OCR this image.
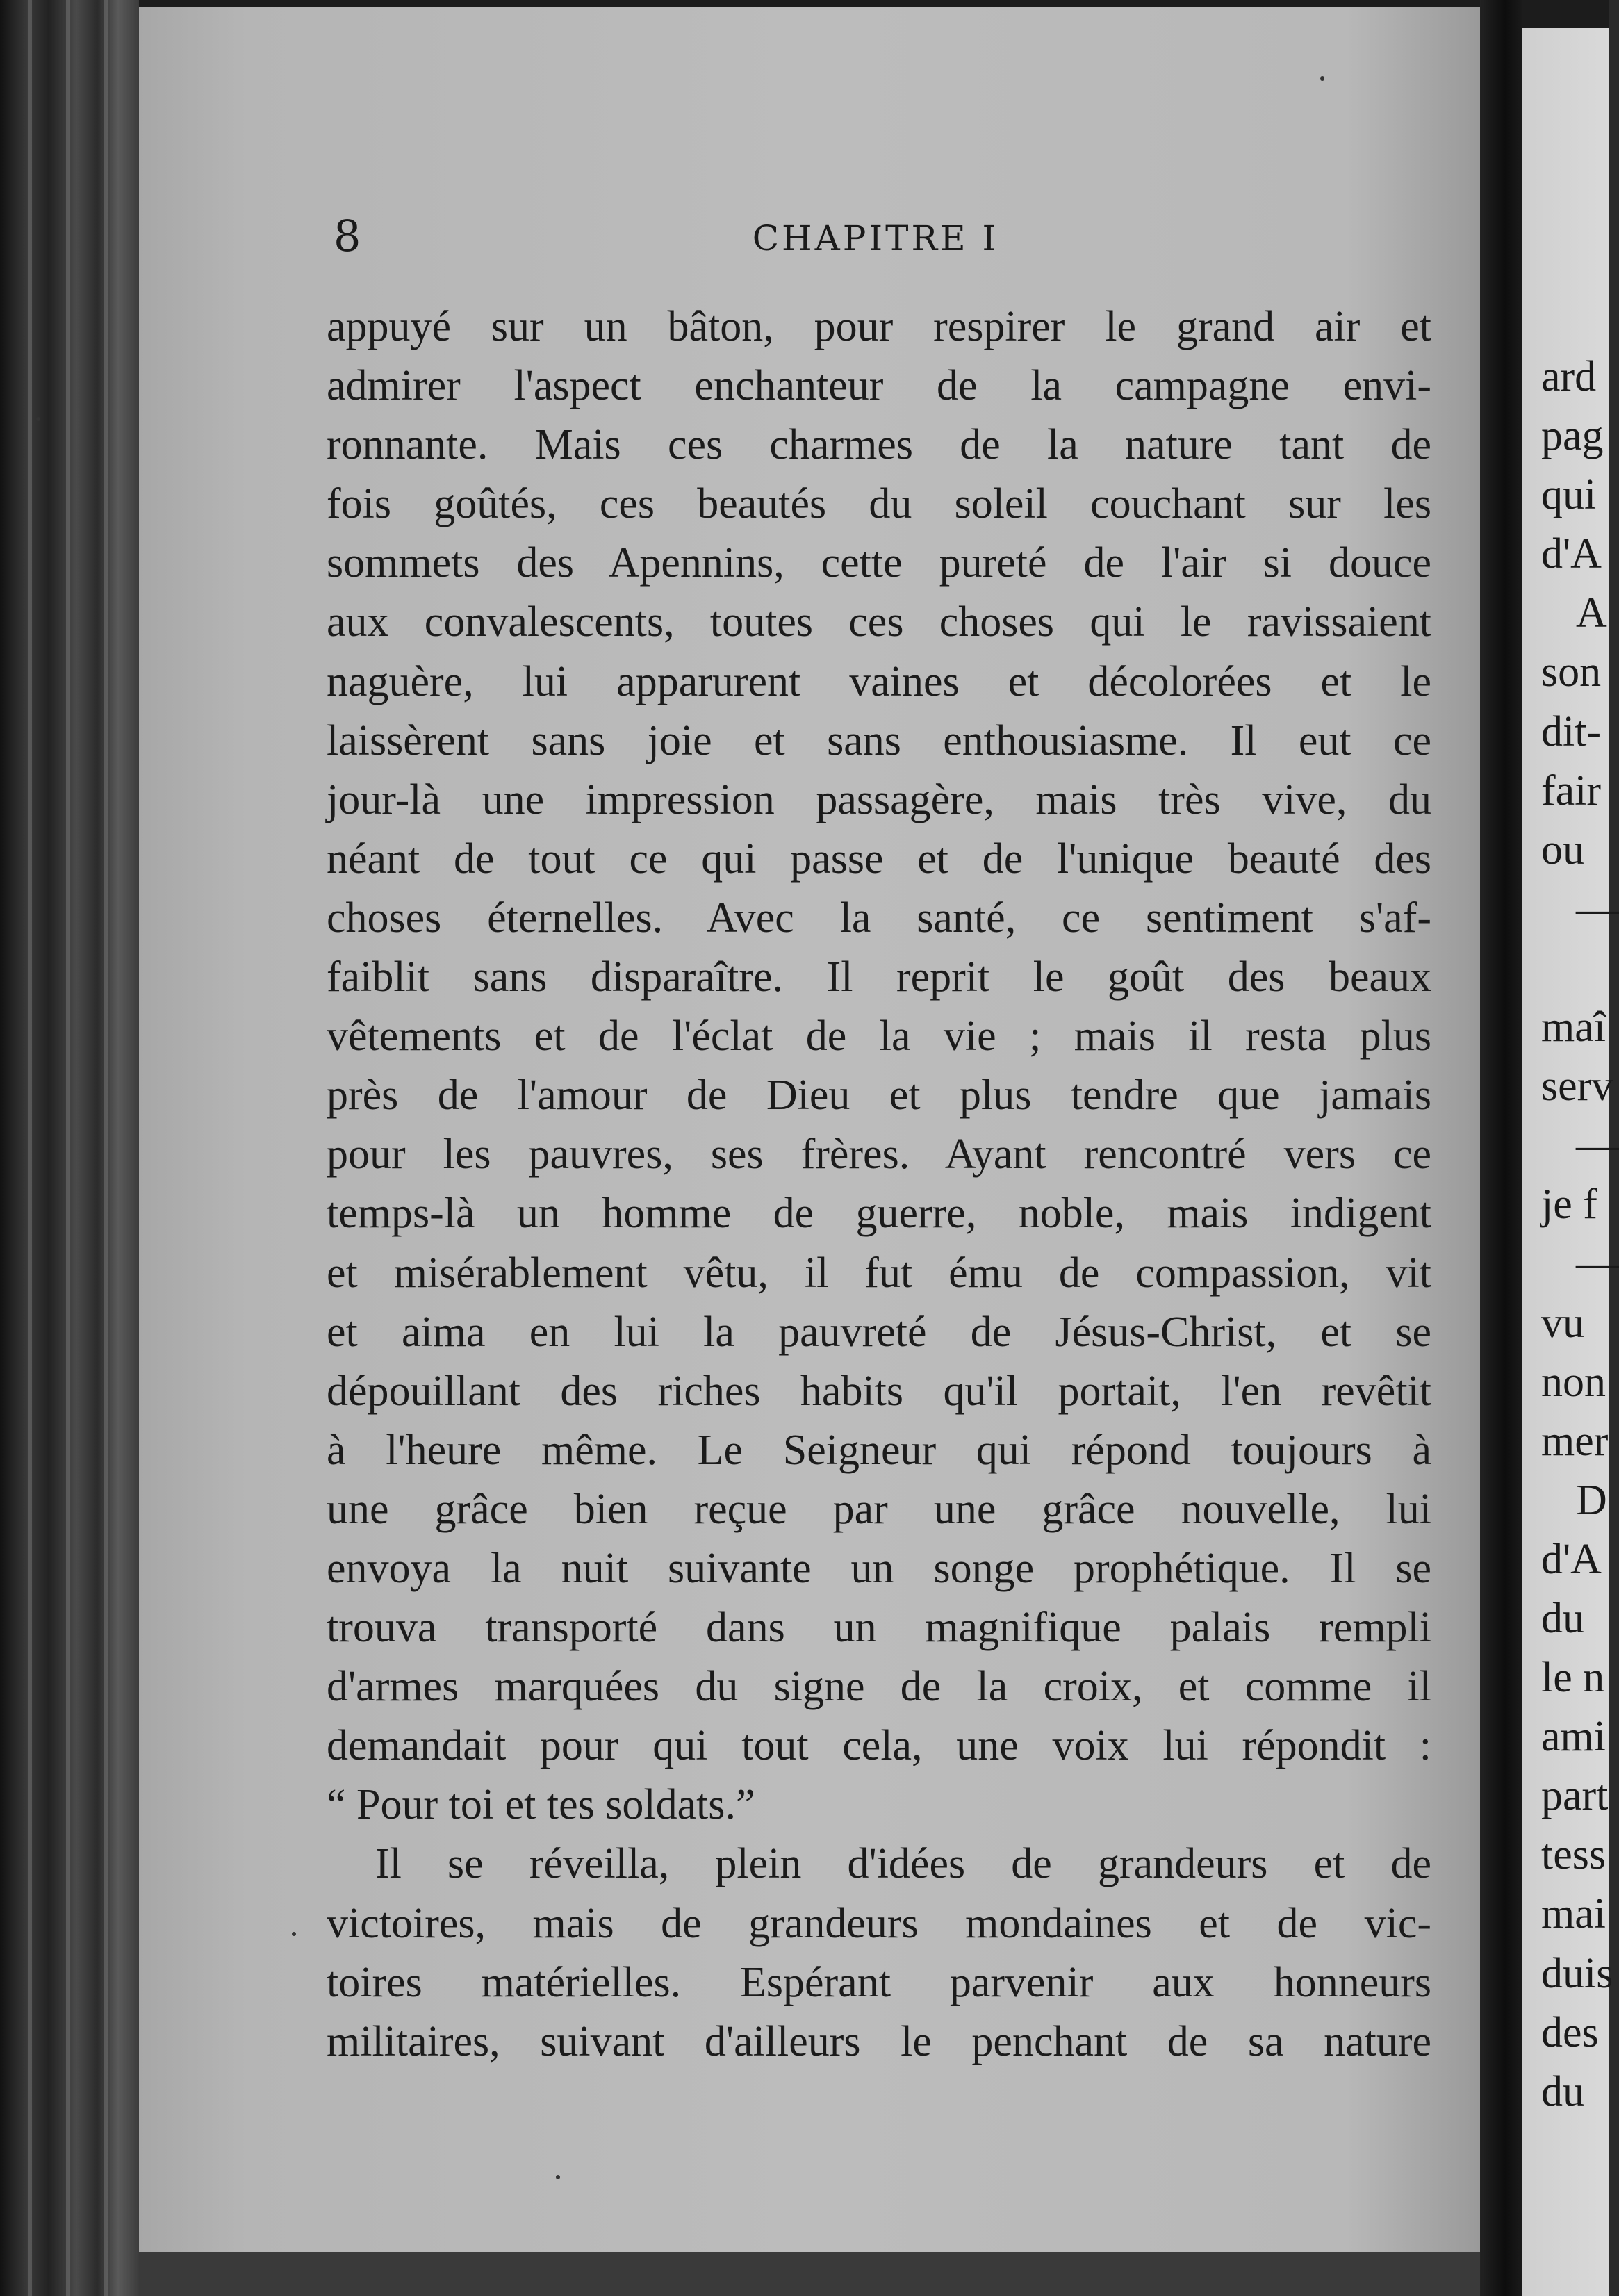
8	CHAPITRE I
appuyé sur un bâton, pour respirer le grand air et
admirer l'aspect enchanteur de la campagne envi-
ronnante. Mais ces charmes de la nature tant de
fois goûtés, ces beautés du soleil couchant sur les
sommets des Apennins, cette pureté de l'air si douce
aux convalescents, toutes ces choses qui le ravissaient
naguère, lui apparurent vaines et décolorées et le
laissèrent sans joie et sans enthousiasme. Il eut ce
jour-là une impression passagère, mais très vive, du
néant de tout ce qui passe et de l'unique beauté des
choses éternelles. Avec la santé, ce sentiment s'af-
faiblit sans disparaître. Il reprit le goût des beaux
vêtements et de l'éclat de la vie ; mais il resta plus
près de l'amour de Dieu et plus tendre que jamais
pour les pauvres, ses frères. Ayant rencontré vers ce
temps-là un homme de guerre, noble, mais indigent
et misérablement vêtu, il fut ému de compassion, vit
et aima en lui la pauvreté de Jésus-Christ, et se
dépouillant des riches habits qu'il portait, l'en revêtit
à l'heure même. Le Seigneur qui répond toujours à
une grâce bien reçue par une grâce nouvelle, lui
envoya la nuit suivante un songe prophétique. Il se
trouva transporté dans un magnifique palais rempli
d'armes marquées du signe de la croix, et comme il
demandait pour qui tout cela, une voix lui répondit :
“ Pour toi et tes soldats.”
Il se réveilla, plein d'idées de grandeurs et de
victoires, mais de grandeurs mondaines et de vic-
toires matérielles. Espérant parvenir aux honneurs
militaires, suivant d'ailleurs le penchant de sa nature
ard
pag
qui
d'A
A
son
dit-
fair
ou
—
maî
serv
—
je f
—
vu
non
mer
D
d'A
du
le n
ami
part
tess
mai
duis
des
du
